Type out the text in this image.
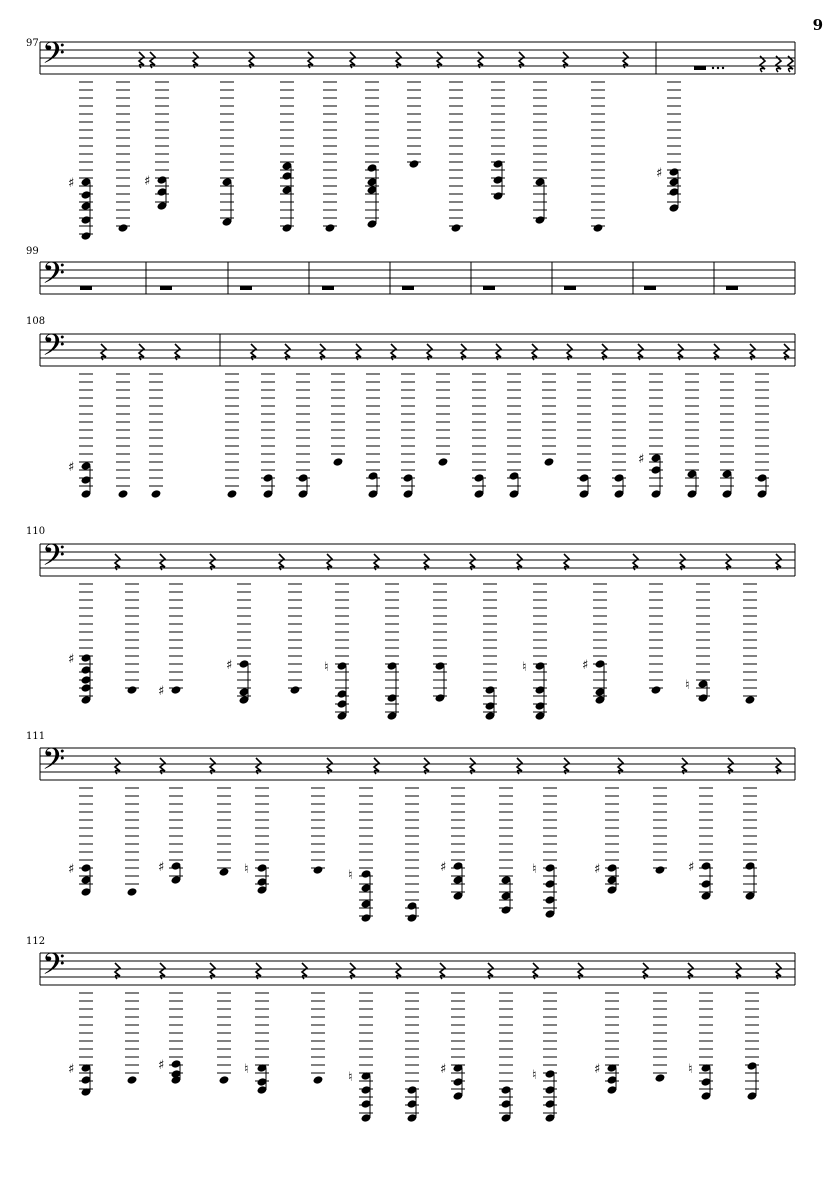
9
97
99
108
110
111
112
𝄢
♯	♯
♯
𝄢
𝄢
♯
♯
𝄢
♯
♯
♯	♮	♮	♯
♮
𝄢
♯	♯	♮	♮
♯	♮	♯	♯
𝄢
♯	♯	♮
♮
♯	♮	♯	♮
